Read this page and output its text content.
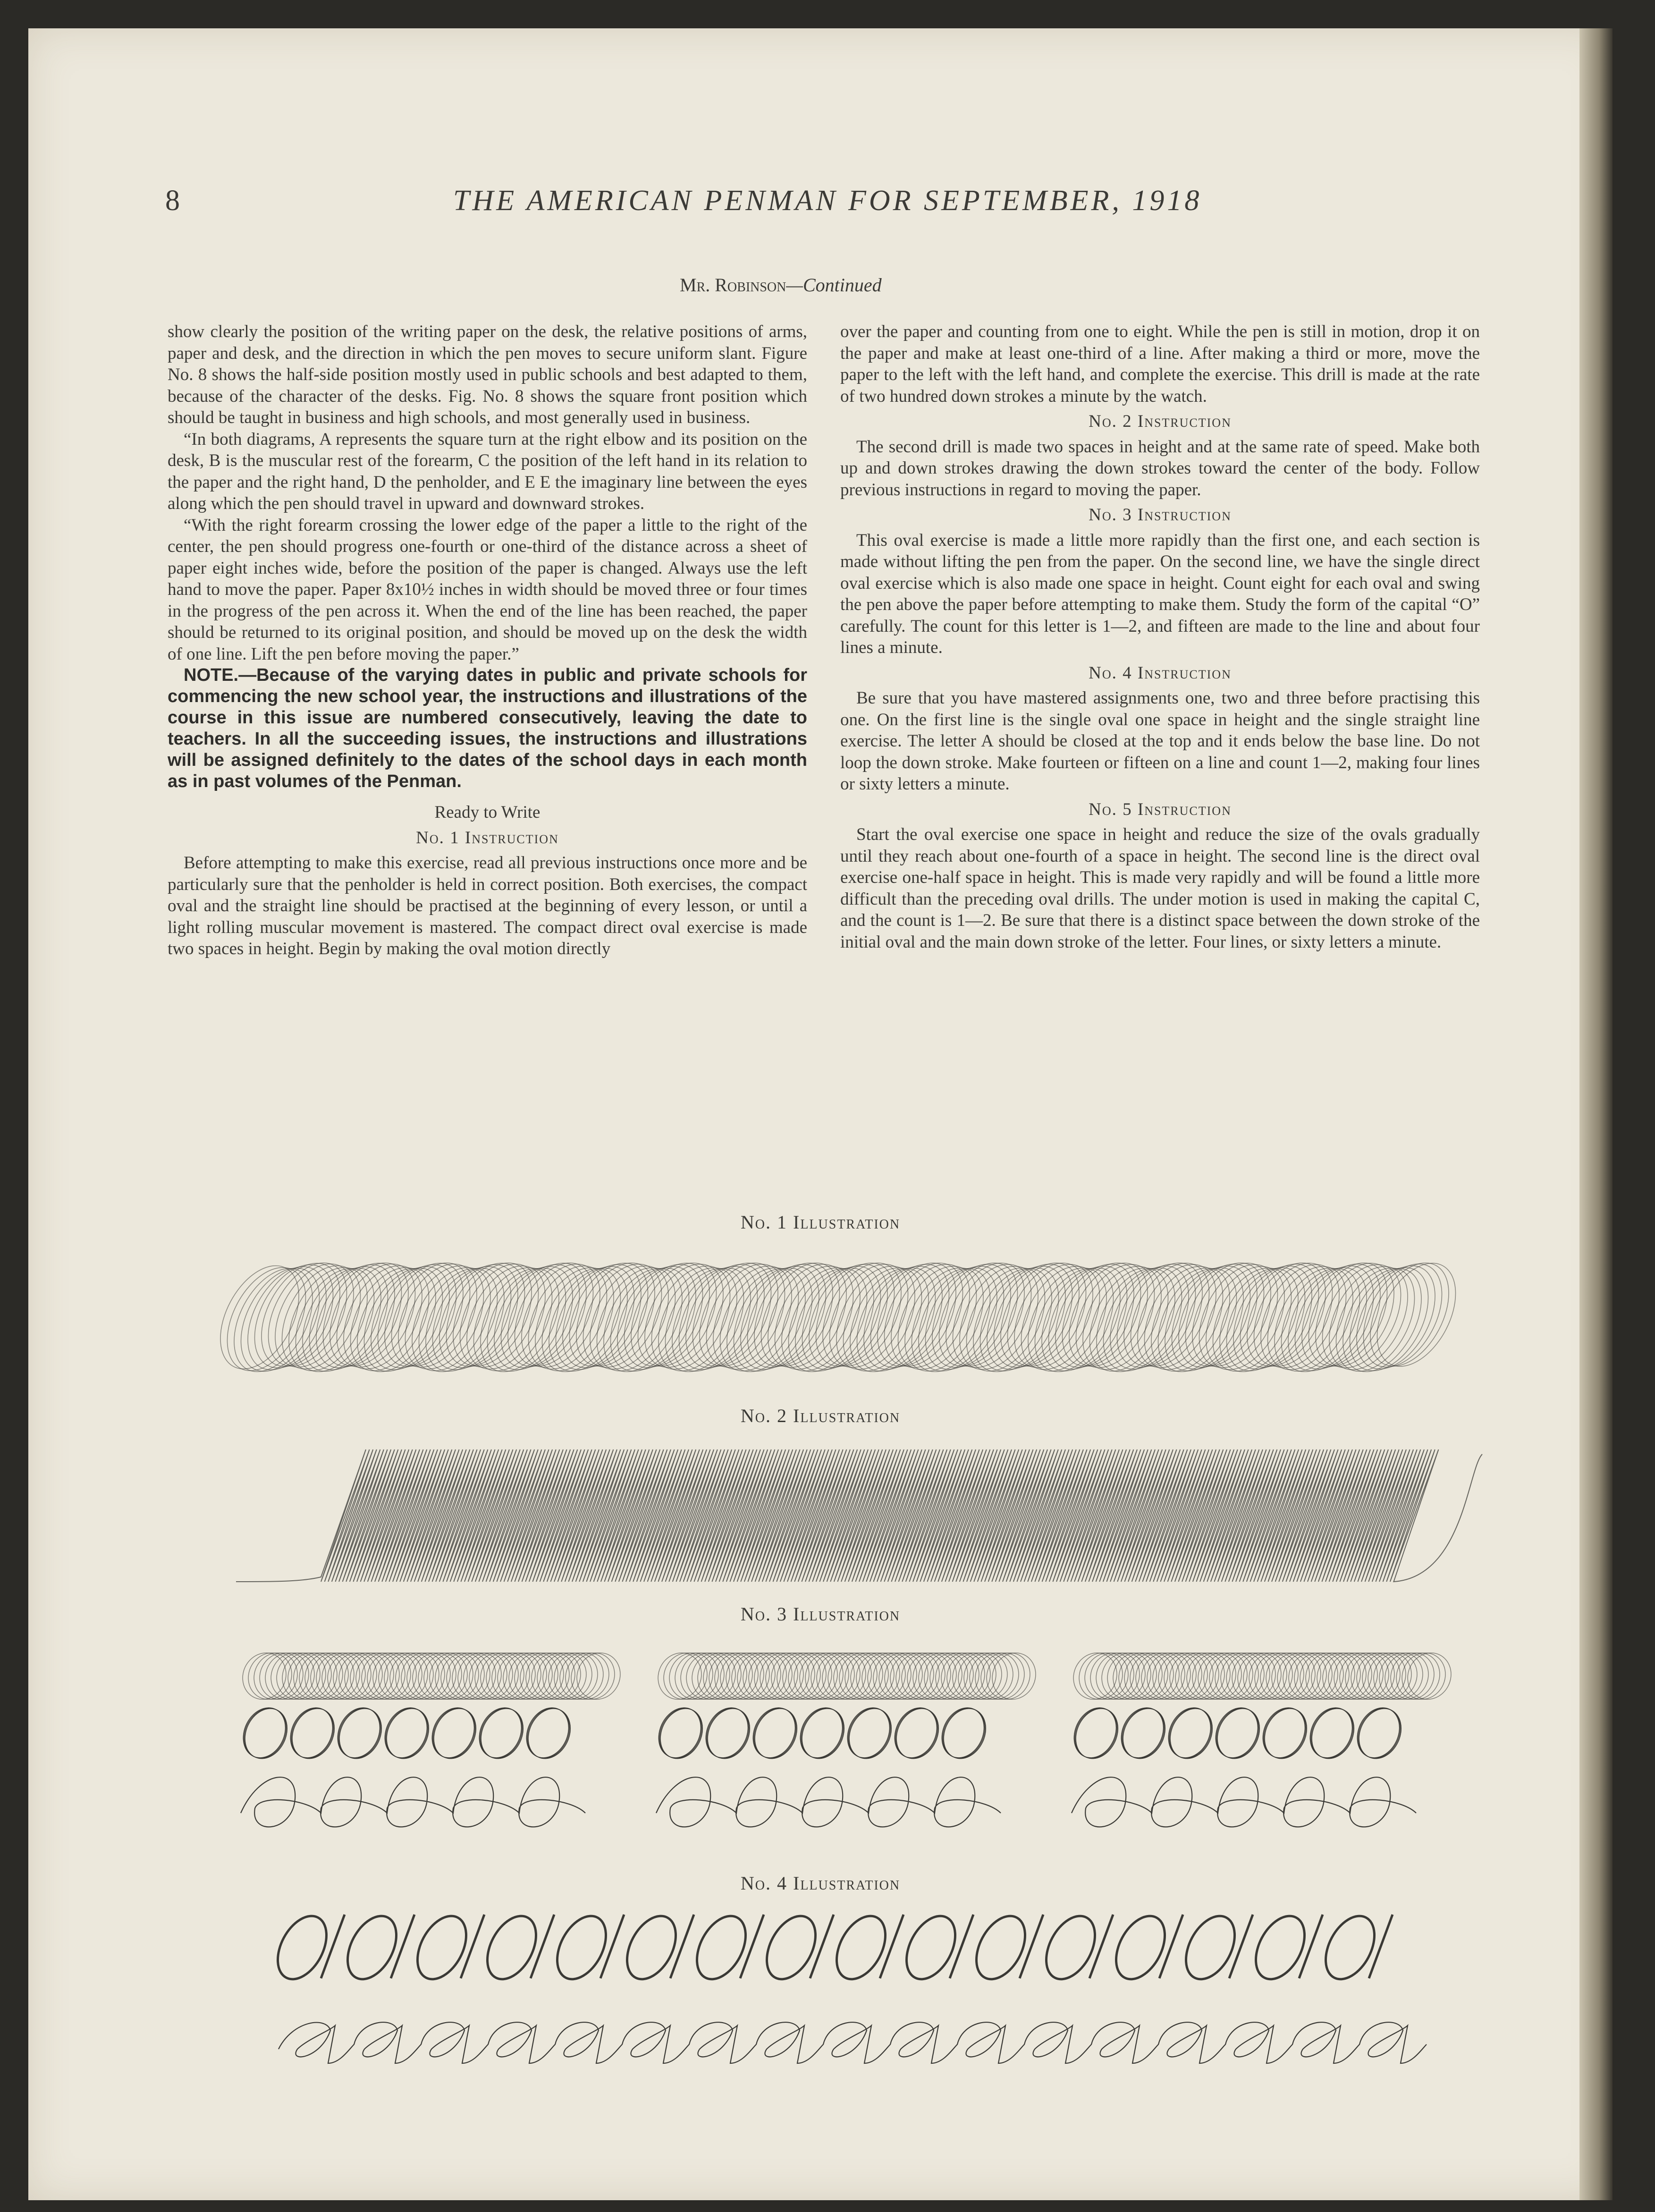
8	THE AMERICAN PENMAN FOR SEPTEMBER, 1918
Mr. Robinson—Continued

show clearly the position of the writing paper on the desk, the relative positions of arms, paper and desk, and the direction in which the pen moves to secure uniform slant. Figure No. 8 shows the half-side position mostly used in public schools and best adapted to them, because of the character of the desks. Fig. No. 8 shows the square front position which should be taught in business and high schools, and most generally used in business.

“In both diagrams, A represents the square turn at the right elbow and its position on the desk, B is the muscular rest of the forearm, C the position of the left hand in its relation to the paper and the right hand, D the penholder, and E E the imaginary line between the eyes along which the pen should travel in upward and downward strokes.

“With the right forearm crossing the lower edge of the paper a little to the right of the center, the pen should progress one-fourth or one-third of the distance across a sheet of paper eight inches wide, before the position of the paper is changed. Always use the left hand to move the paper. Paper 8x10½ inches in width should be moved three or four times in the progress of the pen across it. When the end of the line has been reached, the paper should be returned to its original position, and should be moved up on the desk the width of one line. Lift the pen before moving the paper.”

NOTE.—Because of the varying dates in public and private schools for commencing the new school year, the instructions and illustrations of the course in this issue are numbered consecutively, leaving the date to teachers. In all the succeeding issues, the instructions and illustrations will be assigned definitely to the dates of the school days in each month as in past volumes of the Penman.

Ready to Write

No. 1 Instruction

Before attempting to make this exercise, read all previous instructions once more and be particularly sure that the penholder is held in correct position. Both exercises, the compact oval and the straight line should be practised at the beginning of every lesson, or until a light rolling muscular movement is mastered. The compact direct oval exercise is made two spaces in height. Begin by making the oval motion directly

over the paper and counting from one to eight. While the pen is still in motion, drop it on the paper and make at least one-third of a line. After making a third or more, move the paper to the left with the left hand, and complete the exercise. This drill is made at the rate of two hundred down strokes a minute by the watch.

No. 2 Instruction

The second drill is made two spaces in height and at the same rate of speed. Make both up and down strokes drawing the down strokes toward the center of the body. Follow previous instructions in regard to moving the paper.

No. 3 Instruction

This oval exercise is made a little more rapidly than the first one, and each section is made without lifting the pen from the paper. On the second line, we have the single direct oval exercise which is also made one space in height. Count eight for each oval and swing the pen above the paper before attempting to make them. Study the form of the capital “O” carefully. The count for this letter is 1—2, and fifteen are made to the line and about four lines a minute.

No. 4 Instruction

Be sure that you have mastered assignments one, two and three before practising this one. On the first line is the single oval one space in height and the single straight line exercise. The letter A should be closed at the top and it ends below the base line. Do not loop the down stroke. Make fourteen or fifteen on a line and count 1—2, making four lines or sixty letters a minute.

No. 5 Instruction

Start the oval exercise one space in height and reduce the size of the ovals gradually until they reach about one-fourth of a space in height. The second line is the direct oval exercise one-half space in height. This is made very rapidly and will be found a little more difficult than the preceding oval drills. The under motion is used in making the capital C, and the count is 1—2. Be sure that there is a distinct space between the down stroke of the initial oval and the main down stroke of the letter. Four lines, or sixty letters a minute.

No. 1 Illustration
No. 2 Illustration
No. 3 Illustration
No. 4 Illustration
